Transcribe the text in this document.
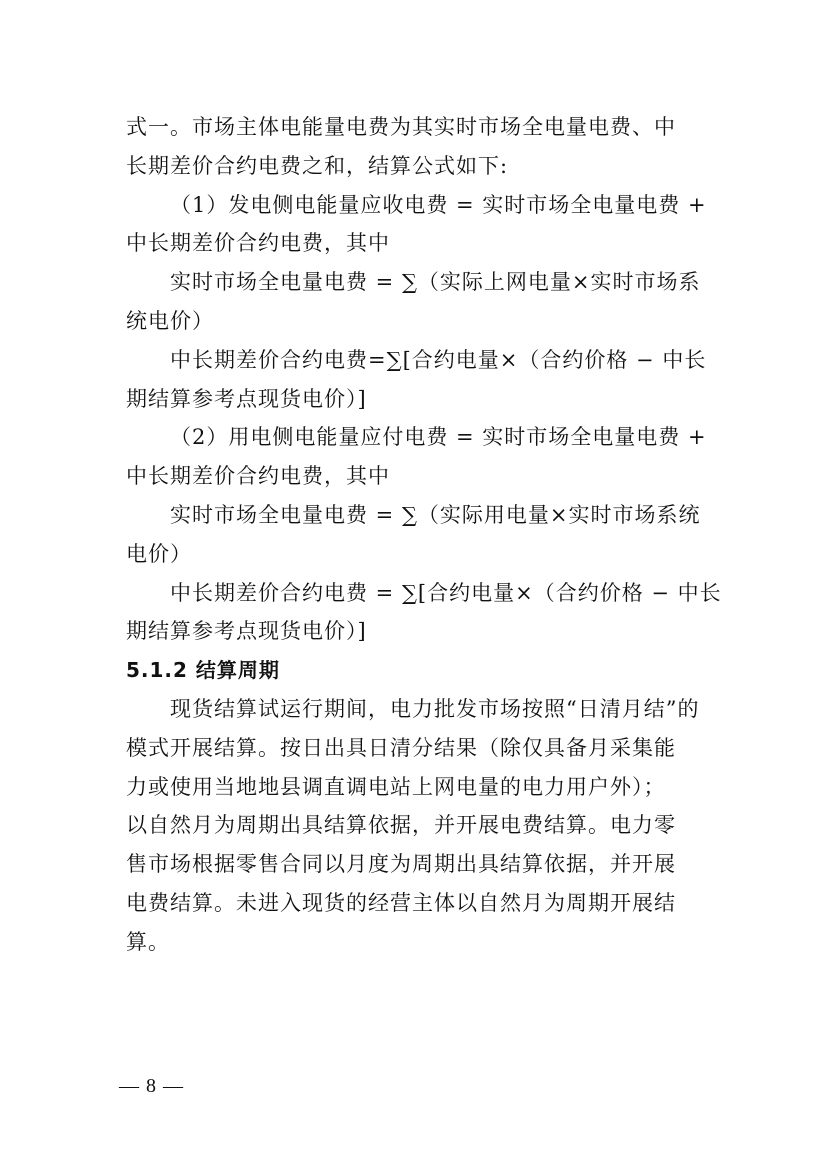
式一。市场主体电能量电费为其实时市场全电量电费、中
长期差价合约电费之和，结算公式如下:
（1）发电侧电能量应收电费 = 实时市场全电量电费 +
中长期差价合约电费，其中
实时市场全电量电费 = ∑（实际上网电量×实时市场系
统电价）
中长期差价合约电费=∑[合约电量×（合约价格 − 中长
期结算参考点现货电价）]
（2）用电侧电能量应付电费 = 实时市场全电量电费 +
中长期差价合约电费，其中
实时市场全电量电费 = ∑（实际用电量×实时市场系统
电价）
中长期差价合约电费 = ∑[合约电量×（合约价格 − 中长
期结算参考点现货电价）]
5.1.2 结算周期
现货结算试运行期间，电力批发市场按照“日清月结”的
模式开展结算。按日出具日清分结果（除仅具备月采集能
力或使用当地地县调直调电站上网电量的电力用户外）；
以自然月为周期出具结算依据，并开展电费结算。电力零
售市场根据零售合同以月度为周期出具结算依据，并开展
电费结算。未进入现货的经营主体以自然月为周期开展结
算。
— 8 —
